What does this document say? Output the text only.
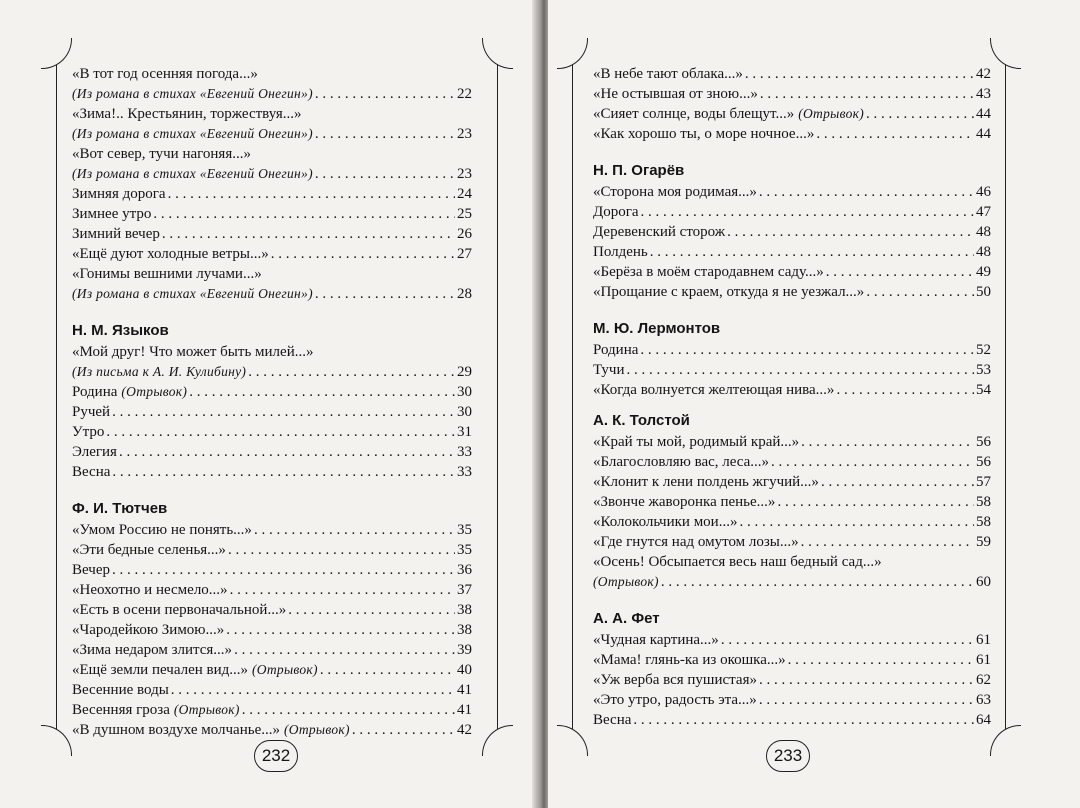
«В тот год осенняя погода...»
(Из романа в стихах «Евгений Онегин») . . .	22
«Зима!.. Крестьянин, торжествуя...»
(Из романа в стихах «Евгений Онегин») . . .	23
«Вот север, тучи нагоняя...»
(Из романа в стихах «Евгений Онегин») . . .	23
Зимняя дорога . . .	24
Зимнее утро . . .	25
Зимний вечер . . .	26
«Ещё дуют холодные ветры...» . . .	27
«Гонимы вешними лучами...»
(Из романа в стихах «Евгений Онегин») . . .	28
Н. М. Языков
«Мой друг! Что может быть милей...»
(Из письма к А. И. Кулибину) . . .	29
Родина (Отрывок) . . .	30
Ручей . . .	30
Утро . . .	31
Элегия . . .	33
Весна . . .	33
Ф. И. Тютчев
«Умом Россию не понять...» . . .	35
«Эти бедные селенья...» . . .	35
Вечер . . .	36
«Неохотно и несмело...» . . .	37
«Есть в осени первоначальной...» . . .	38
«Чародейкою Зимою...» . . .	38
«Зима недаром злится...» . . .	39
«Ещё земли печален вид...» (Отрывок) . . .	40
Весенние воды . . .	41
Весенняя гроза (Отрывок) . . .	41
«В душном воздухе молчанье...» (Отрывок) . . .	42
232
«В небе тают облака...» . . .	42
«Не остывшая от зною...» . . .	43
«Сияет солнце, воды блещут...» (Отрывок) . . .	44
«Как хорошо ты, о море ночное...» . . .	44
Н. П. Огарёв
«Сторона моя родимая...» . . .	46
Дорога . . .	47
Деревенский сторож . . .	48
Полдень . . .	48
«Берёза в моём стародавнем саду...» . . .	49
«Прощание с краем, откуда я не уезжал...» . . .	50
М. Ю. Лермонтов
Родина . . .	52
Тучи . . .	53
«Когда волнуется желтеющая нива...» . . .	54
А. К. Толстой
«Край ты мой, родимый край...» . . .	56
«Благословляю вас, леса...» . . .	56
«Клонит к лени полдень жгучий...» . . .	57
«Звонче жаворонка пенье...» . . .	58
«Колокольчики мои...» . . .	58
«Где гнутся над омутом лозы...» . . .	59
«Осень! Обсыпается весь наш бедный сад...»
(Отрывок) . . .	60
А. А. Фет
«Чудная картина...» . . .	61
«Мама! глянь-ка из окошка...» . . .	61
«Уж верба вся пушистая» . . .	62
«Это утро, радость эта...» . . .	63
Весна . . .	64
233
